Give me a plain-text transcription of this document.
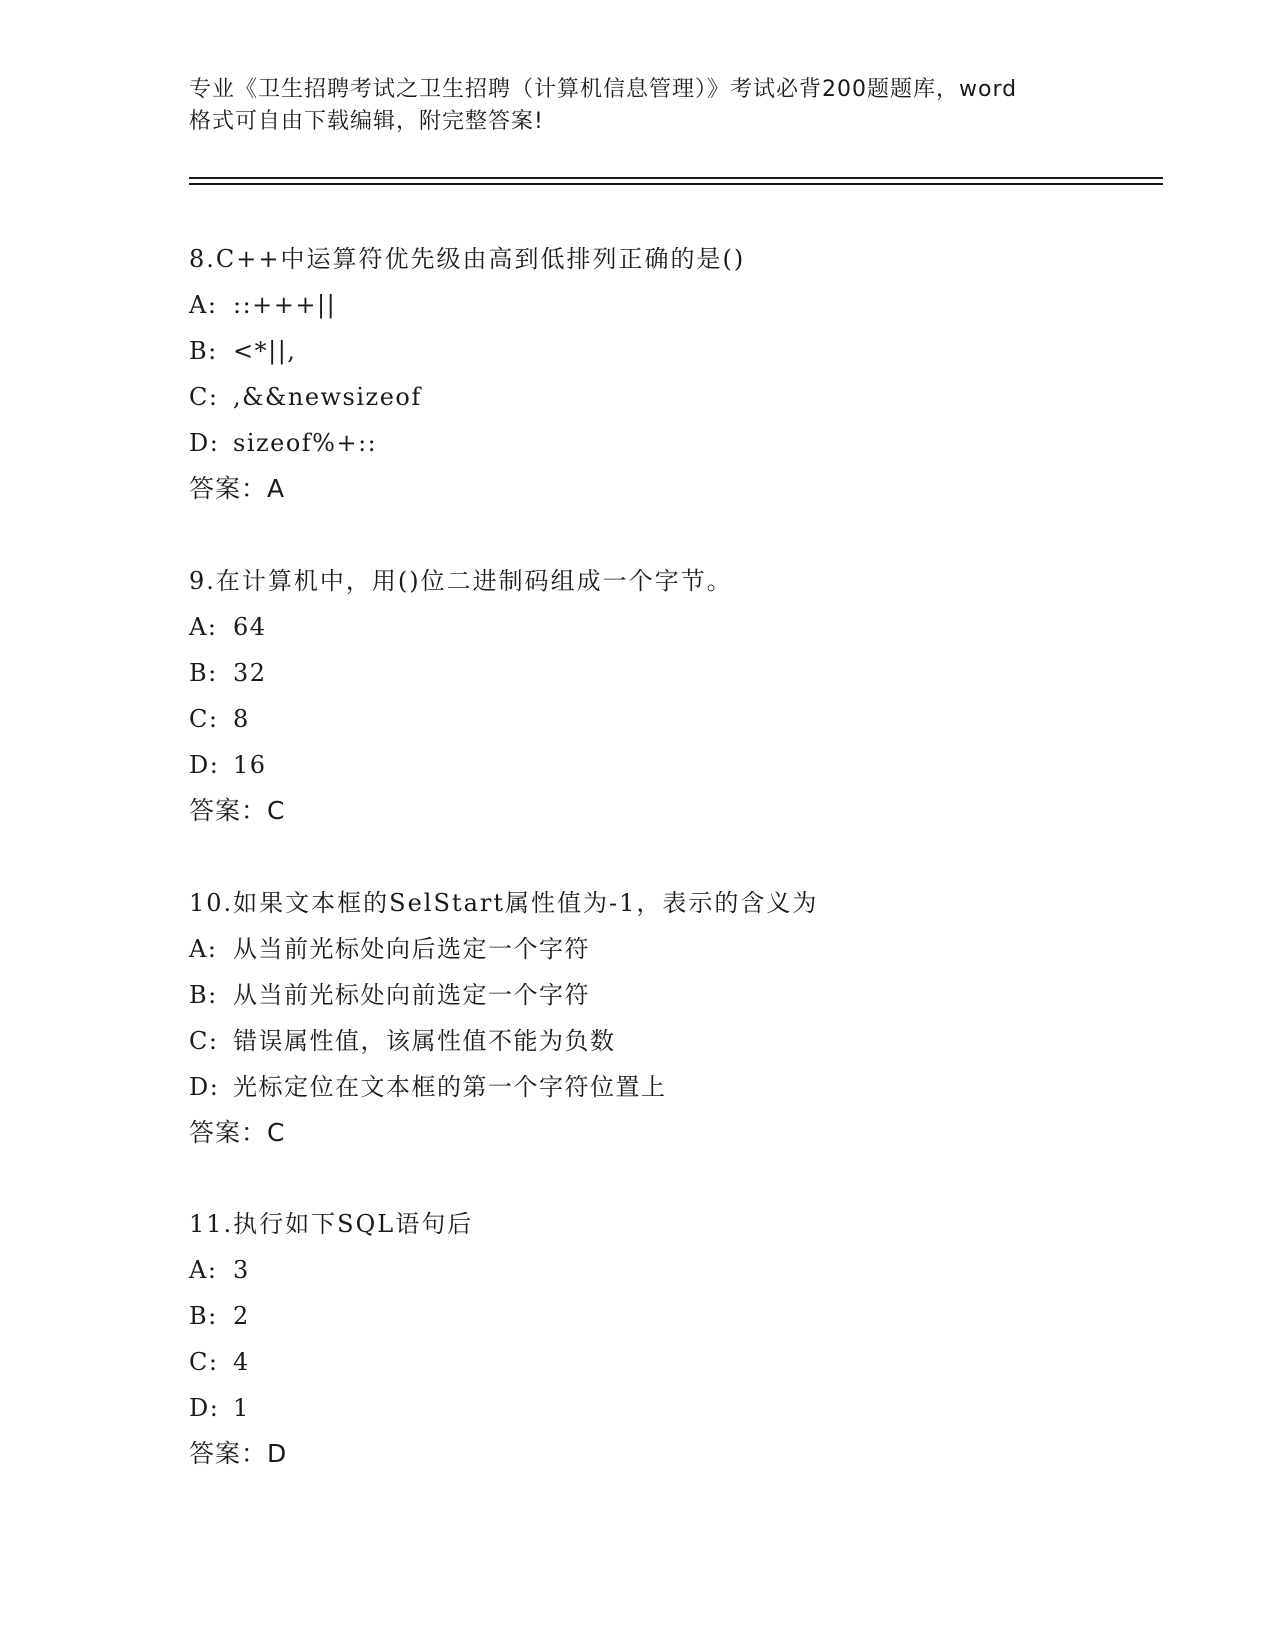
专业《卫生招聘考试之卫生招聘（计算机信息管理）》考试必背200题题库，word
格式可自由下载编辑，附完整答案!
8.C++中运算符优先级由高到低排列正确的是()
A: ::+++||
B: <*||,
C: ,&&newsizeof
D: sizeof%+::
答案：A
9.在计算机中，用()位二进制码组成一个字节。
A: 64
B: 32
C: 8
D: 16
答案：C
10.如果文本框的SelStart属性值为-1，表示的含义为
A: 从当前光标处向后选定一个字符
B: 从当前光标处向前选定一个字符
C: 错误属性值，该属性值不能为负数
D: 光标定位在文本框的第一个字符位置上
答案：C
11.执行如下SQL语句后
A: 3
B: 2
C: 4
D: 1
答案：D
